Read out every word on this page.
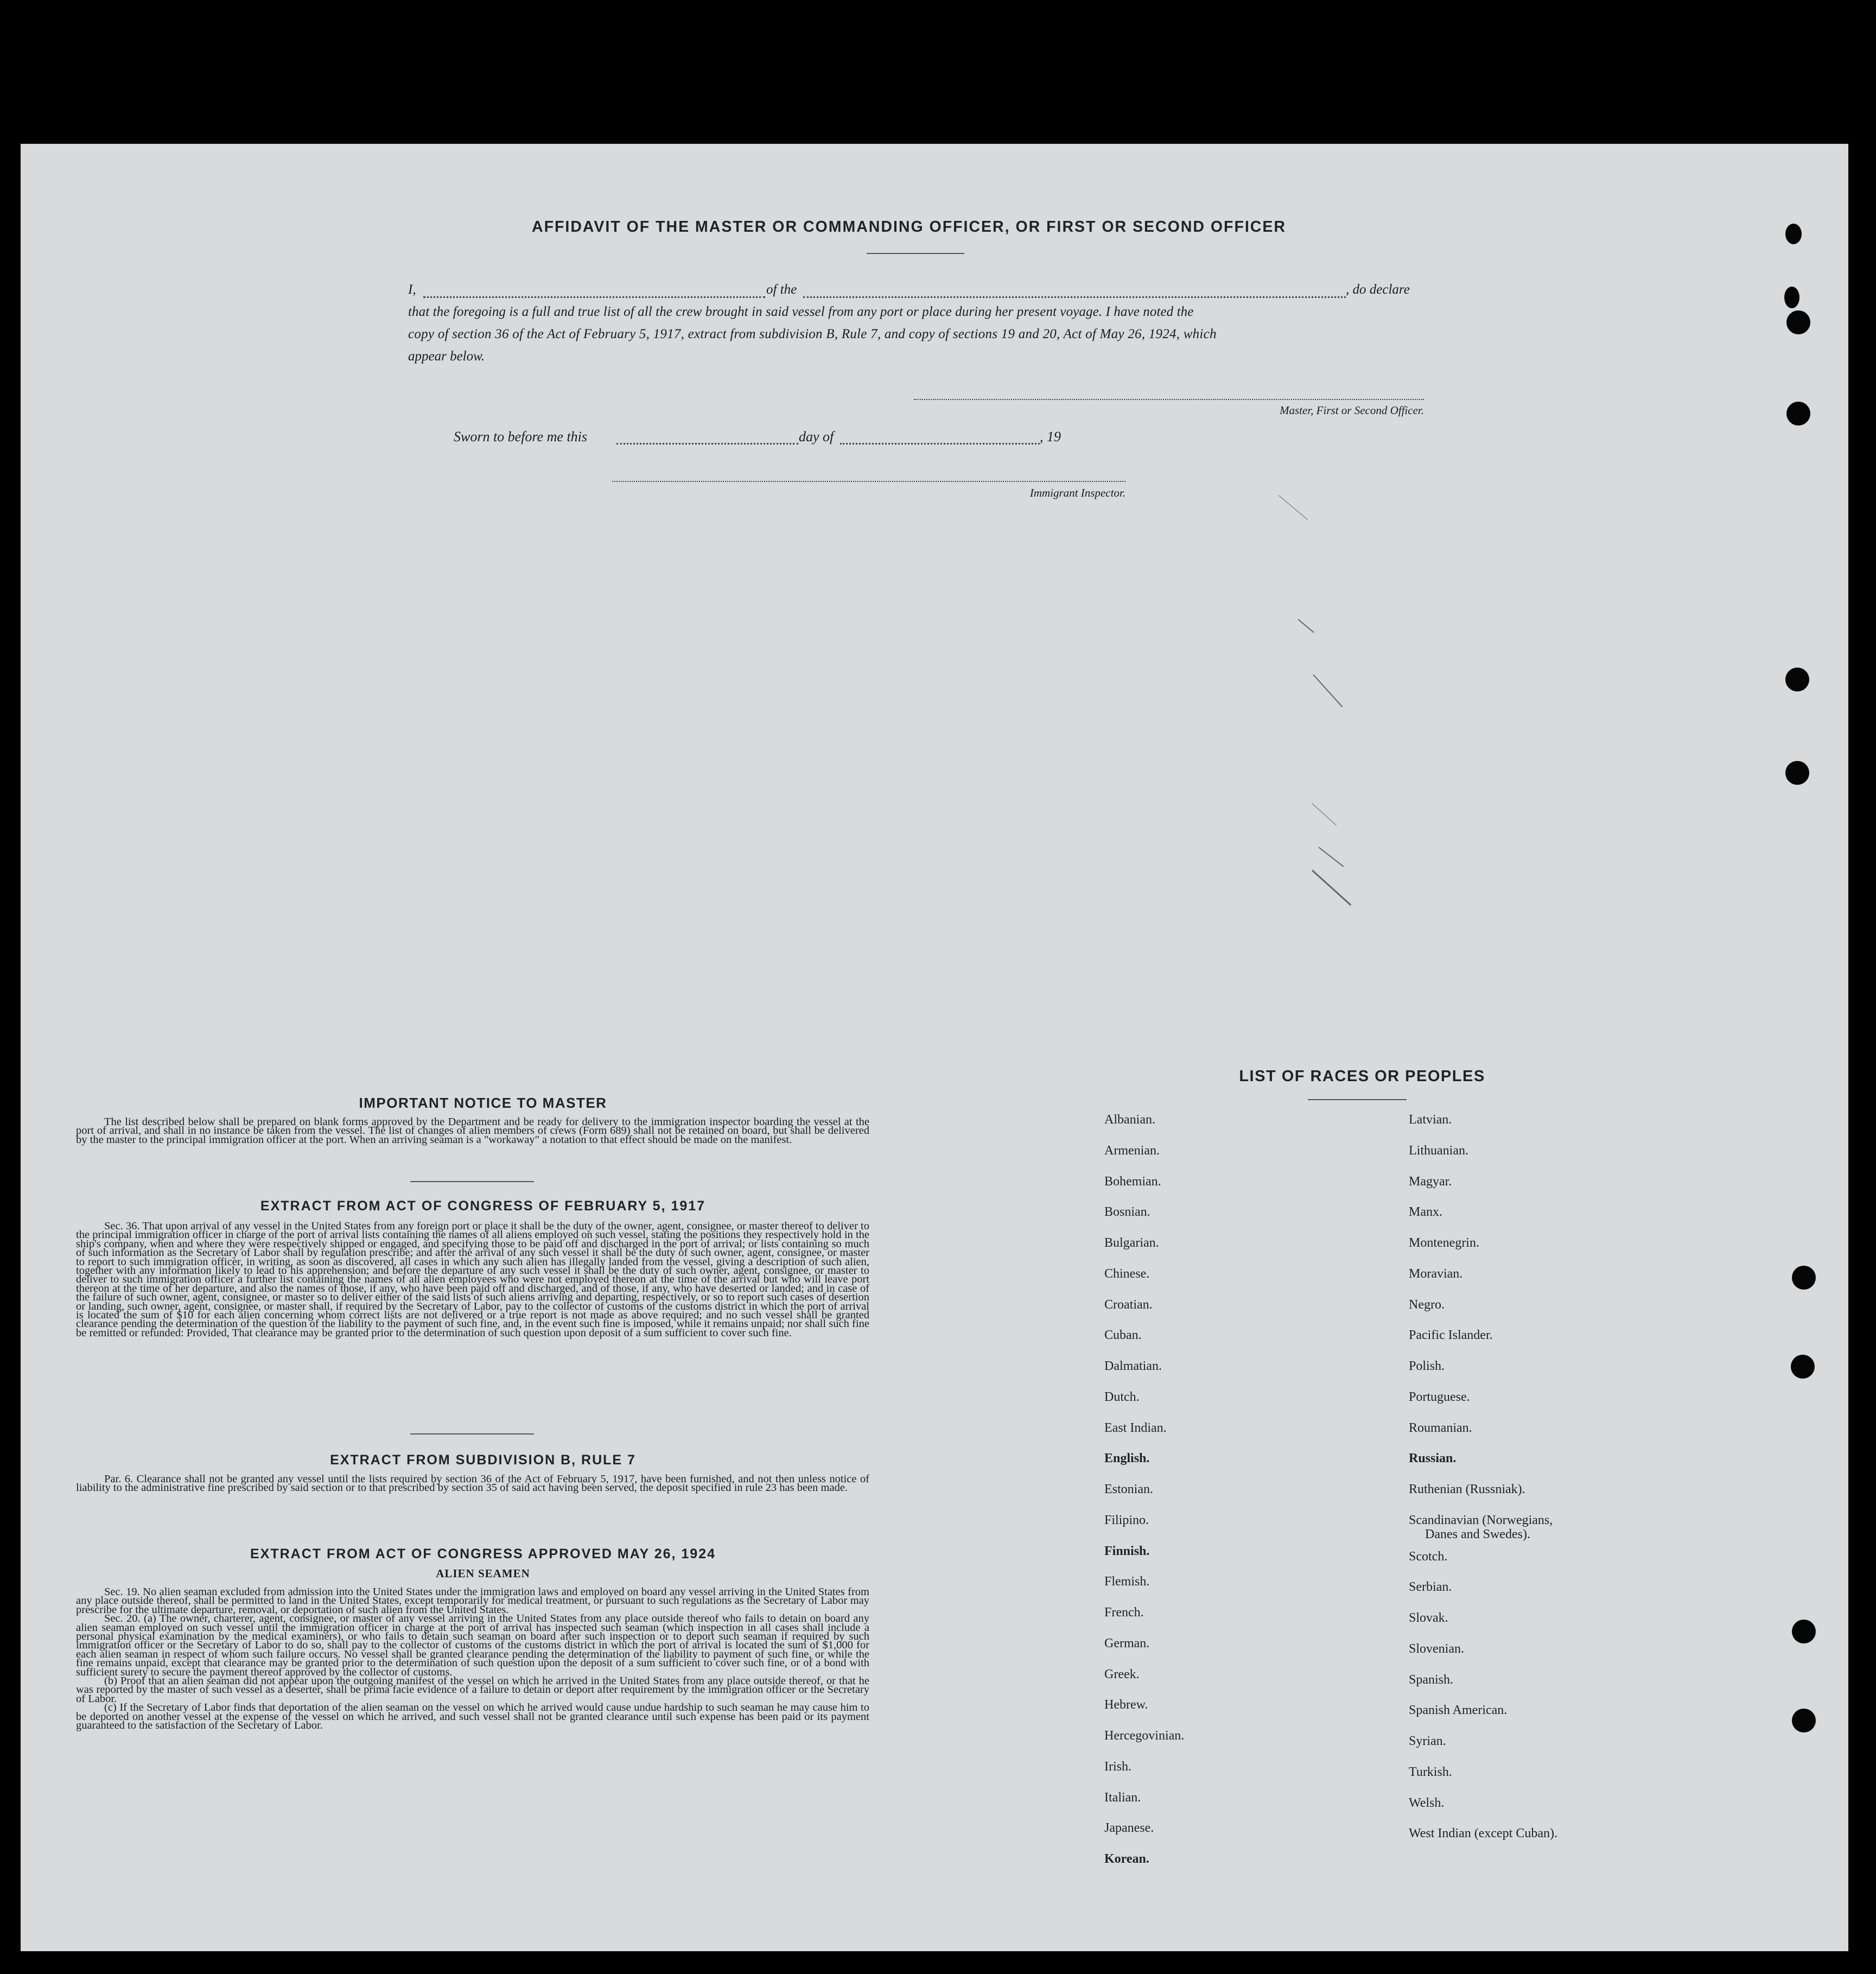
AFFIDAVIT OF THE MASTER OR COMMANDING OFFICER, OR FIRST OR SECOND OFFICER
I,	of the	, do declare
that the foregoing is a full and true list of all the crew brought in said vessel from any port or place during her present voyage. I have noted the
copy of section 36 of the Act of February 5, 1917, extract from subdivision B, Rule 7, and copy of sections 19 and 20, Act of May 26, 1924, which
appear below.
Master, First or Second Officer.
Sworn to before me this	day of	, 19
Immigrant Inspector.
IMPORTANT NOTICE TO MASTER

The list described below shall be prepared on blank forms approved by the Department and be ready for delivery to the immigration inspector boarding the vessel at the port of arrival, and shall in no instance be taken from the vessel. The list of changes of alien members of crews (Form 689) shall not be retained on board, but shall be delivered by the master to the principal immigration officer at the port. When an arriving seaman is a "workaway" a notation to that effect should be made on the manifest.

EXTRACT FROM ACT OF CONGRESS OF FEBRUARY 5, 1917

Sec. 36. That upon arrival of any vessel in the United States from any foreign port or place it shall be the duty of the owner, agent, consignee, or master thereof to deliver to the principal immigration officer in charge of the port of arrival lists containing the names of all aliens employed on such vessel, stating the positions they respectively hold in the ship's company, when and where they were respectively shipped or engaged, and specifying those to be paid off and discharged in the port of arrival; or lists containing so much of such information as the Secretary of Labor shall by regulation prescribe; and after the arrival of any such vessel it shall be the duty of such owner, agent, consignee, or master to report to such immigration officer, in writing, as soon as discovered, all cases in which any such alien has illegally landed from the vessel, giving a description of such alien, together with any information likely to lead to his apprehension; and before the departure of any such vessel it shall be the duty of such owner, agent, consignee, or master to deliver to such immigration officer a further list containing the names of all alien employees who were not employed thereon at the time of the arrival but who will leave port thereon at the time of her departure, and also the names of those, if any, who have been paid off and discharged, and of those, if any, who have deserted or landed; and in case of the failure of such owner, agent, consignee, or master so to deliver either of the said lists of such aliens arriving and departing, respectively, or so to report such cases of desertion or landing, such owner, agent, consignee, or master shall, if required by the Secretary of Labor, pay to the collector of customs of the customs district in which the port of arrival is located the sum of $10 for each alien concerning whom correct lists are not delivered or a true report is not made as above required; and no such vessel shall be granted clearance pending the determination of the question of the liability to the payment of such fine, and, in the event such fine is imposed, while it remains unpaid; nor shall such fine be remitted or refunded: Provided, That clearance may be granted prior to the determination of such question upon deposit of a sum sufficient to cover such fine.

EXTRACT FROM SUBDIVISION B, RULE 7

Par. 6. Clearance shall not be granted any vessel until the lists required by section 36 of the Act of February 5, 1917, have been furnished, and not then unless notice of liability to the administrative fine prescribed by said section or to that prescribed by section 35 of said act having been served, the deposit specified in rule 23 has been made.

EXTRACT FROM ACT OF CONGRESS APPROVED MAY 26, 1924
ALIEN SEAMEN

Sec. 19. No alien seaman excluded from admission into the United States under the immigration laws and employed on board any vessel arriving in the United States from any place outside thereof, shall be permitted to land in the United States, except temporarily for medical treatment, or pursuant to such regulations as the Secretary of Labor may prescribe for the ultimate departure, removal, or deportation of such alien from the United States.

Sec. 20. (a) The owner, charterer, agent, consignee, or master of any vessel arriving in the United States from any place outside thereof who fails to detain on board any alien seaman employed on such vessel until the immigration officer in charge at the port of arrival has inspected such seaman (which inspection in all cases shall include a personal physical examination by the medical examiners), or who fails to detain such seaman on board after such inspection or to deport such seaman if required by such immigration officer or the Secretary of Labor to do so, shall pay to the collector of customs of the customs district in which the port of arrival is located the sum of $1,000 for each alien seaman in respect of whom such failure occurs. No vessel shall be granted clearance pending the determination of the liability to payment of such fine, or while the fine remains unpaid, except that clearance may be granted prior to the determination of such question upon the deposit of a sum sufficient to cover such fine, or of a bond with sufficient surety to secure the payment thereof approved by the collector of customs.

(b) Proof that an alien seaman did not appear upon the outgoing manifest of the vessel on which he arrived in the United States from any place outside thereof, or that he was reported by the master of such vessel as a deserter, shall be prima facie evidence of a failure to detain or deport after requirement by the immigration officer or the Secretary of Labor.

(c) If the Secretary of Labor finds that deportation of the alien seaman on the vessel on which he arrived would cause undue hardship to such seaman he may cause him to be deported on another vessel at the expense of the vessel on which he arrived, and such vessel shall not be granted clearance until such expense has been paid or its payment guaranteed to the satisfaction of the Secretary of Labor.

LIST OF RACES OR PEOPLES
Albanian.
Armenian.
Bohemian.
Bosnian.
Bulgarian.
Chinese.
Croatian.
Cuban.
Dalmatian.
Dutch.
East Indian.
English.
Estonian.
Filipino.
Finnish.
Flemish.
French.
German.
Greek.
Hebrew.
Hercegovinian.
Irish.
Italian.
Japanese.
Korean.
Latvian.
Lithuanian.
Magyar.
Manx.
Montenegrin.
Moravian.
Negro.
Pacific Islander.
Polish.
Portuguese.
Roumanian.
Russian.
Ruthenian (Russniak).
Scandinavian (Norwegians,
Danes and Swedes).
Scotch.
Serbian.
Slovak.
Slovenian.
Spanish.
Spanish American.
Syrian.
Turkish.
Welsh.
West Indian (except Cuban).
